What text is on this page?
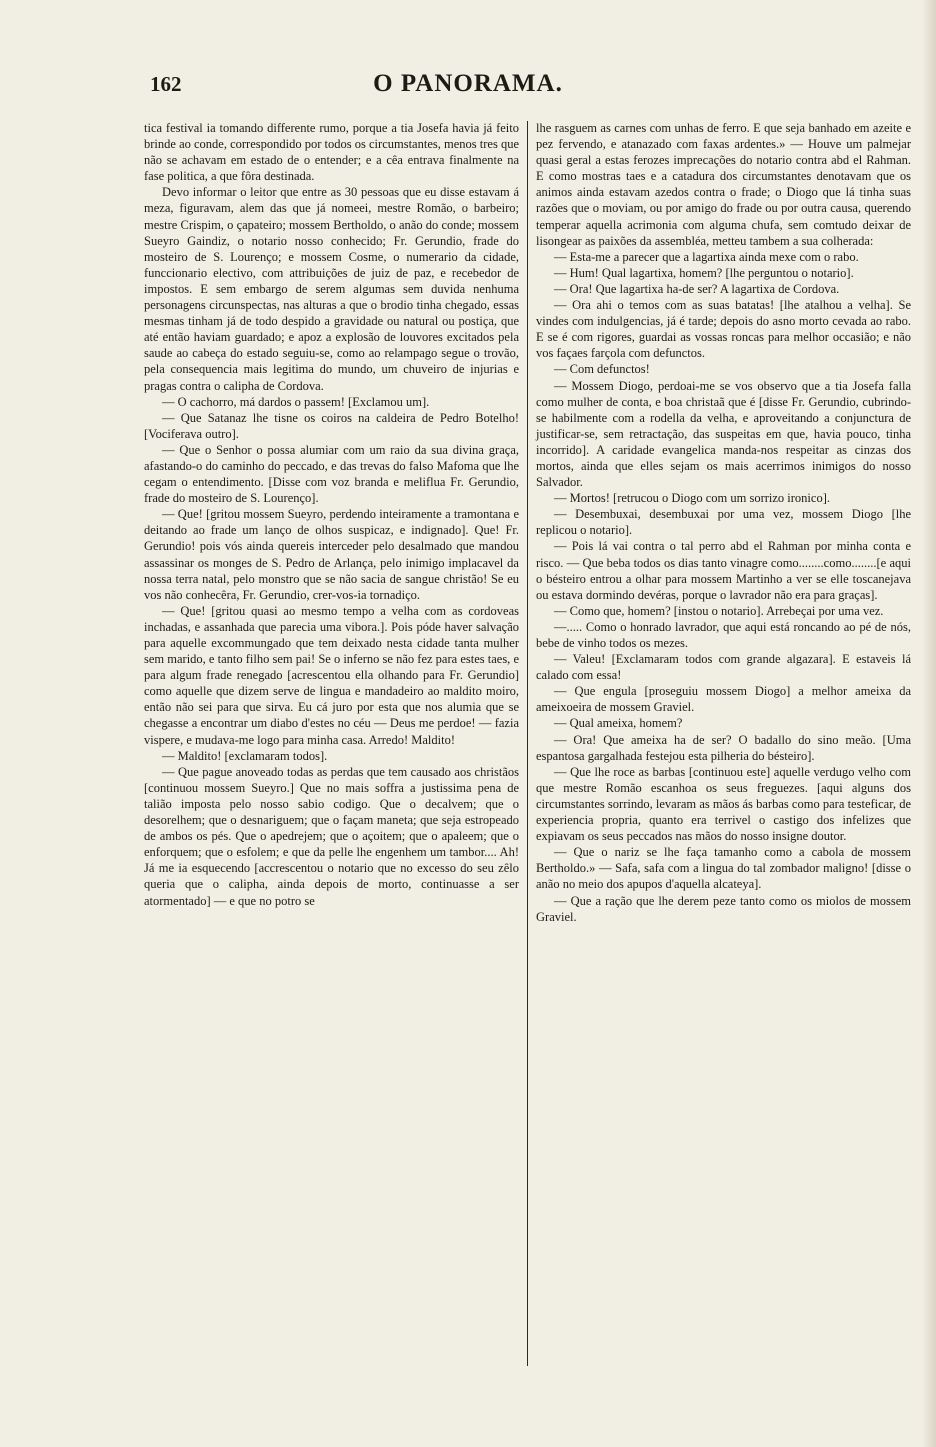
162	O PANORAMA.

tica festival ia tomando differente rumo, porque a tia Josefa havia já feito brinde ao conde, correspondido por todos os circumstantes, menos tres que não se achavam em estado de o entender; e a cêa entrava finalmente na fase politica, a que fôra destinada.

Devo informar o leitor que entre as 30 pessoas que eu disse estavam á meza, figuravam, alem das que já nomeei, mestre Romão, o barbeiro; mestre Crispim, o çapateiro; mossem Bertholdo, o anão do conde; mossem Sueyro Gaindiz, o notario nosso conhecido; Fr. Gerundio, frade do mosteiro de S. Lourenço; e mossem Cosme, o numerario da cidade, funccionario electivo, com attribuições de juiz de paz, e recebedor de impostos. E sem embargo de serem algumas sem duvida nenhuma personagens circunspectas, nas alturas a que o brodio tinha chegado, essas mesmas tinham já de todo despido a gravidade ou natural ou postiça, que até então haviam guardado; e apoz a explosão de louvores excitados pela saude ao cabeça do estado seguiu-se, como ao relampago segue o trovão, pela consequencia mais legitima do mundo, um chuveiro de injurias e pragas contra o calipha de Cordova.

— O cachorro, má dardos o passem! [Exclamou um].

— Que Satanaz lhe tisne os coiros na caldeira de Pedro Botelho! [Vociferava outro].

— Que o Senhor o possa alumiar com um raio da sua divina graça, afastando-o do caminho do peccado, e das trevas do falso Mafoma que lhe cegam o entendimento. [Disse com voz branda e meliflua Fr. Gerundio, frade do mosteiro de S. Lourenço].

— Que! [gritou mossem Sueyro, perdendo inteiramente a tramontana e deitando ao frade um lanço de olhos suspicaz, e indignado]. Que! Fr. Gerundio! pois vós ainda quereis interceder pelo desalmado que mandou assassinar os monges de S. Pedro de Arlança, pelo inimigo implacavel da nossa terra natal, pelo monstro que se não sacia de sangue christão! Se eu vos não conhecêra, Fr. Gerundio, crer-vos-ia tornadiço.

— Que! [gritou quasi ao mesmo tempo a velha com as cordoveas inchadas, e assanhada que parecia uma vibora.]. Pois póde haver salvação para aquelle excommungado que tem deixado nesta cidade tanta mulher sem marido, e tanto filho sem pai! Se o inferno se não fez para estes taes, e para algum frade renegado [acrescentou ella olhando para Fr. Gerundio] como aquelle que dizem serve de lingua e mandadeiro ao maldito moiro, então não sei para que sirva. Eu cá juro por esta que nos alumia que se chegasse a encontrar um diabo d'estes no céu — Deus me perdoe! — fazia vispere, e mudava-me logo para minha casa. Arredo! Maldito!

— Maldito! [exclamaram todos].

— Que pague anoveado todas as perdas que tem causado aos christãos [continuou mossem Sueyro.] Que no mais soffra a justissima pena de talião imposta pelo nosso sabio codigo. Que o decalvem; que o desorelhem; que o desnariguem; que o façam maneta; que seja estropeado de ambos os pés. Que o apedrejem; que o açoitem; que o apaleem; que o enforquem; que o esfolem; e que da pelle lhe engenhem um tambor.... Ah! Já me ia esquecendo [accrescentou o notario que no excesso do seu zêlo queria que o calipha, ainda depois de morto, continuasse a ser atormentado] — e que no potro se

lhe rasguem as carnes com unhas de ferro. E que seja banhado em azeite e pez fervendo, e atanazado com faxas ardentes.» — Houve um palmejar quasi geral a estas ferozes imprecações do notario contra abd el Rahman. E como mostras taes e a catadura dos circumstantes denotavam que os animos ainda estavam azedos contra o frade; o Diogo que lá tinha suas razões que o moviam, ou por amigo do frade ou por outra causa, querendo temperar aquella acrimonia com alguma chufa, sem comtudo deixar de lisongear as paixões da assembléa, metteu tambem a sua colherada:

— Esta-me a parecer que a lagartixa ainda mexe com o rabo.

— Hum! Qual lagartixa, homem? [lhe perguntou o notario].

— Ora! Que lagartixa ha-de ser? A lagartixa de Cordova.

— Ora ahi o temos com as suas batatas! [lhe atalhou a velha]. Se vindes com indulgencias, já é tarde; depois do asno morto cevada ao rabo. E se é com rigores, guardai as vossas roncas para melhor occasião; e não vos façaes farçola com defunctos.

— Com defunctos!

— Mossem Diogo, perdoai-me se vos observo que a tia Josefa falla como mulher de conta, e boa christaã que é [disse Fr. Gerundio, cubrindo-se habilmente com a rodella da velha, e aproveitando a conjunctura de justificar-se, sem retractação, das suspeitas em que, havia pouco, tinha incorrido]. A caridade evangelica manda-nos respeitar as cinzas dos mortos, ainda que elles sejam os mais acerrimos inimigos do nosso Salvador.

— Mortos! [retrucou o Diogo com um sorrizo ironico].

— Desembuxai, desembuxai por uma vez, mossem Diogo [lhe replicou o notario].

— Pois lá vai contra o tal perro abd el Rahman por minha conta e risco. — Que beba todos os dias tanto vinagre como........como........[e aqui o bésteiro entrou a olhar para mossem Martinho a ver se elle toscanejava ou estava dormindo devéras, porque o lavrador não era para graças].

— Como que, homem? [instou o notario]. Arrebeçai por uma vez.

—..... Como o honrado lavrador, que aqui está roncando ao pé de nós, bebe de vinho todos os mezes.

— Valeu! [Exclamaram todos com grande algazara]. E estaveis lá calado com essa!

— Que engula [proseguiu mossem Diogo] a melhor ameixa da ameixoeira de mossem Graviel.

— Qual ameixa, homem?

— Ora! Que ameixa ha de ser? O badallo do sino meão. [Uma espantosa gargalhada festejou esta pilheria do bésteiro].

— Que lhe roce as barbas [continuou este] aquelle verdugo velho com que mestre Romão escanhoa os seus freguezes. [aqui alguns dos circumstantes sorrindo, levaram as mãos ás barbas como para testeficar, de experiencia propria, quanto era terrivel o castigo dos infelizes que expiavam os seus peccados nas mãos do nosso insigne doutor.

— Que o nariz se lhe faça tamanho como a cabola de mossem Bertholdo.» — Safa, safa com a lingua do tal zombador maligno! [disse o anão no meio dos apupos d'aquella alcateya].

— Que a ração que lhe derem peze tanto como os miolos de mossem Graviel.
